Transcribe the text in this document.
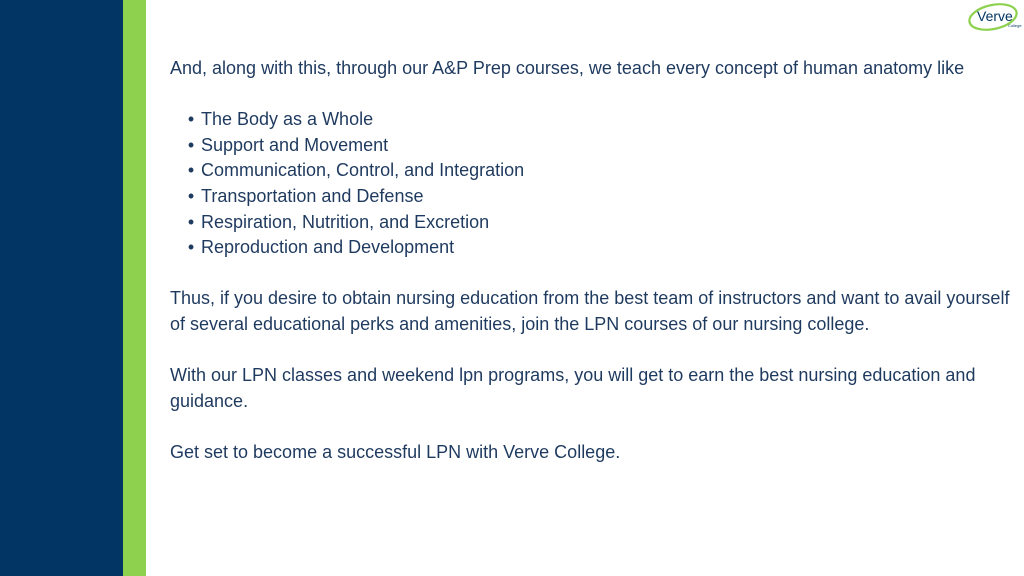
Verve
College

And, along with this, through our A&P Prep courses, we teach every concept of human anatomy like

• The Body as a Whole
• Support and Movement
• Communication, Control, and Integration
• Transportation and Defense
• Respiration, Nutrition, and Excretion
• Reproduction and Development

Thus, if you desire to obtain nursing education from the best team of instructors and want to avail yourself of several educational perks and amenities, join the LPN courses of our nursing college.

With our LPN classes and weekend lpn programs, you will get to earn the best nursing education and guidance.

Get set to become a successful LPN with Verve College.
